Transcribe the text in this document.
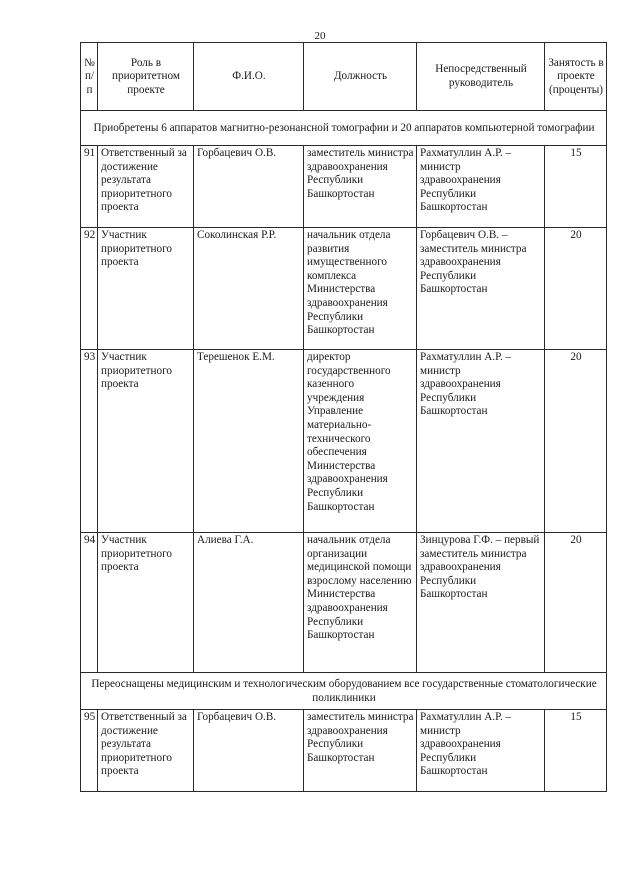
20
№ п/п	Роль в приоритетном проекте	Ф.И.О.	Должность	Непосредственный руководитель	Занятость в проекте (проценты)
Приобретены 6 аппаратов магнитно-резонансной томографии и 20 аппаратов компьютерной томографии					
91	Ответственный за достижение результата приоритетного проекта	Горбацевич О.В.	заместитель министра здравоохранения Республики Башкортостан	Рахматуллин А.Р. – министр здравоохранения Республики Башкортостан	15
92	Участник приоритетного проекта	Соколинская Р.Р.	начальник отдела развития имущественного комплекса Министерства здравоохранения Республики Башкортостан	Горбацевич О.В. – заместитель министра здравоохранения Республики Башкортостан	20
93	Участник приоритетного проекта	Терешенок Е.М.	директор государственного казенного учреждения Управление материально-технического обеспечения Министерства здравоохранения Республики Башкортостан	Рахматуллин А.Р. – министр здравоохранения Республики Башкортостан	20
94	Участник приоритетного проекта	Алиева Г.А.	начальник отдела организации медицинской помощи взрослому населению Министерства здравоохранения Республики Башкортостан	Зинцурова Г.Ф. – первый заместитель министра здравоохранения Республики Башкортостан	20
Переоснащены медицинским и технологическим оборудованием все государственные стоматологические поликлиники					
95	Ответственный за достижение результата приоритетного проекта	Горбацевич О.В.	заместитель министра здравоохранения Республики Башкортостан	Рахматуллин А.Р. – министр здравоохранения Республики Башкортостан	15
